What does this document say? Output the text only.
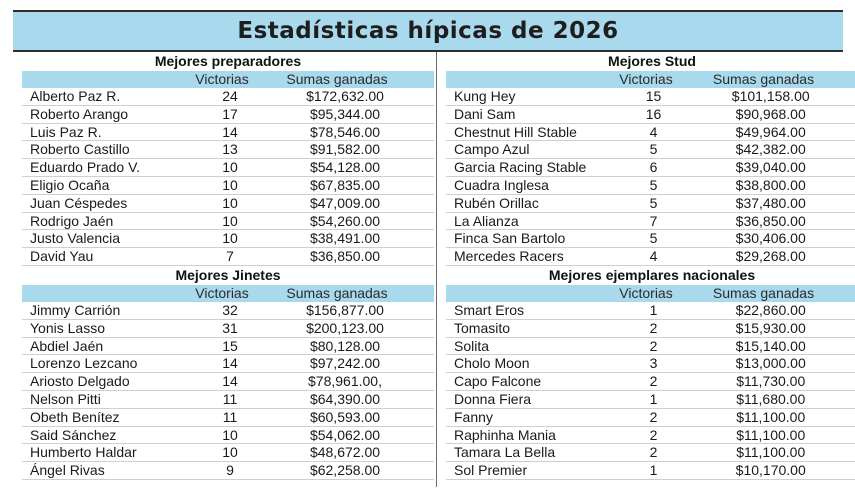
Estadísticas hípicas de 2026
Mejores preparadores
Victorias	Sumas ganadas
Alberto Paz R.	24	$172,632.00
Roberto Arango	17	$95,344.00
Luis Paz R.	14	$78,546.00
Roberto Castillo	13	$91,582.00
Eduardo Prado V.	10	$54,128.00
Eligio Ocaña	10	$67,835.00
Juan Céspedes	10	$47,009.00
Rodrigo Jaén	10	$54,260.00
Justo Valencia	10	$38,491.00
David Yau	7	$36,850.00
Mejores Stud
Victorias	Sumas ganadas
Kung Hey	15	$101,158.00
Dani Sam	16	$90,968.00
Chestnut Hill Stable	4	$49,964.00
Campo Azul	5	$42,382.00
Garcia Racing Stable	6	$39,040.00
Cuadra Inglesa	5	$38,800.00
Rubén Orillac	5	$37,480.00
La Alianza	7	$36,850.00
Finca San Bartolo	5	$30,406.00
Mercedes Racers	4	$29,268.00
Mejores Jinetes
Victorias	Sumas ganadas
Jimmy Carrión	32	$156,877.00
Yonis Lasso	31	$200,123.00
Abdiel Jaén	15	$80,128.00
Lorenzo Lezcano	14	$97,242.00
Ariosto Delgado	14	$78,961.00,
Nelson Pitti	11	$64,390.00
Obeth Benítez	11	$60,593.00
Said Sánchez	10	$54,062.00
Humberto Haldar	10	$48,672.00
Ángel Rivas	9	$62,258.00
Mejores ejemplares nacionales
Victorias	Sumas ganadas
Smart Eros	1	$22,860.00
Tomasito	2	$15,930.00
Solita	2	$15,140.00
Cholo Moon	3	$13,000.00
Capo Falcone	2	$11,730.00
Donna Fiera	1	$11,680.00
Fanny	2	$11,100.00
Raphinha Mania	2	$11,100.00
Tamara La Bella	2	$11,100.00
Sol Premier	1	$10,170.00
